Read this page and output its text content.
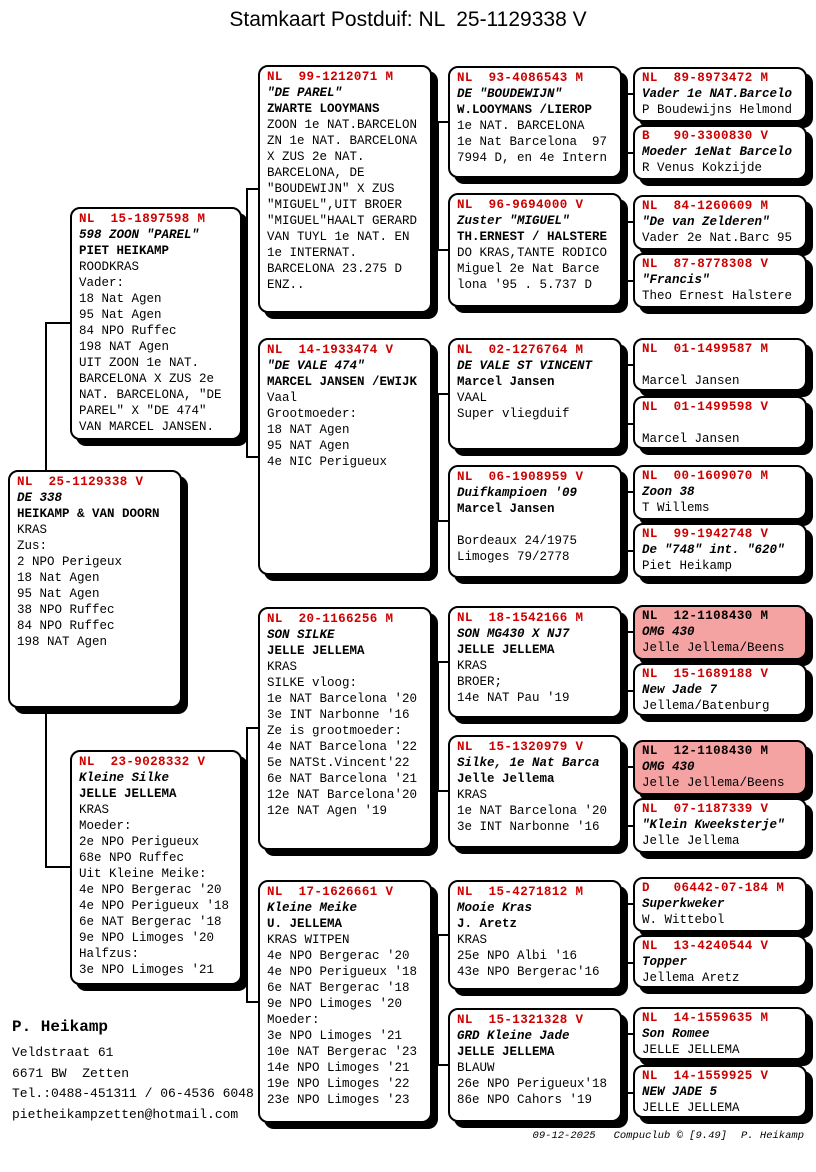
Stamkaart Postduif: NL  25-1129338 V
NL  25-1129338 V
DE 338
HEIKAMP & VAN DOORN
KRAS
Zus:
2 NPO Perigeux
18 Nat Agen
95 Nat Agen
38 NPO Ruffec
84 NPO Ruffec
198 NAT Agen
NL  15-1897598 M
598 ZOON "PAREL"
PIET HEIKAMP
ROODKRAS
Vader:
18 Nat Agen
95 Nat Agen
84 NPO Ruffec
198 NAT Agen
UIT ZOON 1e NAT.
BARCELONA X ZUS 2e
NAT. BARCELONA, "DE
PAREL" X "DE 474"
VAN MARCEL JANSEN.
NL  23-9028332 V
Kleine Silke
JELLE JELLEMA
KRAS
Moeder:
2e NPO Perigueux
68e NPO Ruffec
Uit Kleine Meike:
4e NPO Bergerac '20
4e NPO Perigueux '18
6e NAT Bergerac '18
9e NPO Limoges '20
Halfzus:
3e NPO Limoges '21
NL  99-1212071 M
"DE PAREL"
ZWARTE LOOYMANS
ZOON 1e NAT.BARCELON
ZN 1e NAT. BARCELONA
X ZUS 2e NAT.
BARCELONA, DE
"BOUDEWIJN" X ZUS
"MIGUEL",UIT BROER
"MIGUEL"HAALT GERARD
VAN TUYL 1e NAT. EN
1e INTERNAT.
BARCELONA 23.275 D
ENZ..
NL  14-1933474 V
"DE VALE 474"
MARCEL JANSEN /EWIJK
Vaal
Grootmoeder:
18 NAT Agen
95 NAT Agen
4e NIC Perigueux
NL  20-1166256 M
SON SILKE
JELLE JELLEMA
KRAS
SILKE vloog:
1e NAT Barcelona '20
3e INT Narbonne '16
Ze is grootmoeder:
4e NAT Barcelona '22
5e NATSt.Vincent'22
6e NAT Barcelona '21
12e NAT Barcelona'20
12e NAT Agen '19
NL  17-1626661 V
Kleine Meike
U. JELLEMA
KRAS WITPEN
4e NPO Bergerac '20
4e NPO Perigueux '18
6e NAT Bergerac '18
9e NPO Limoges '20
Moeder:
3e NPO Limoges '21
10e NAT Bergerac '23
14e NPO Limoges '21
19e NPO Limoges '22
23e NPO Limoges '23
NL  93-4086543 M
DE "BOUDEWIJN"
W.LOOYMANS /LIEROP
1e NAT. BARCELONA
1e Nat Barcelona  97
7994 D, en 4e Intern
NL  96-9694000 V
Zuster "MIGUEL"
TH.ERNEST / HALSTERE
DO KRAS,TANTE RODICO
Miguel 2e Nat Barce
lona '95 . 5.737 D
NL  02-1276764 M
DE VALE ST VINCENT
Marcel Jansen
VAAL
Super vliegduif
NL  06-1908959 V
Duifkampioen '09
Marcel Jansen

Bordeaux 24/1975
Limoges 79/2778
NL  18-1542166 M
SON MG430 X NJ7
JELLE JELLEMA
KRAS
BROER;
14e NAT Pau '19
NL  15-1320979 V
Silke, 1e Nat Barca
Jelle Jellema
KRAS
1e NAT Barcelona '20
3e INT Narbonne '16
NL  15-4271812 M
Mooie Kras
J. Aretz
KRAS
25e NPO Albi '16
43e NPO Bergerac'16
NL  15-1321328 V
GRD Kleine Jade
JELLE JELLEMA
BLAUW
26e NPO Perigueux'18
86e NPO Cahors '19
NL  89-8973472 M
Vader 1e NAT.Barcelo
P Boudewijns Helmond
B   90-3300830 V
Moeder 1eNat Barcelo
R Venus Kokzijde
NL  84-1260609 M
"De van Zelderen"
Vader 2e Nat.Barc 95
NL  87-8778308 V
"Francis"
Theo Ernest Halstere
NL  01-1499587 M
Marcel Jansen
NL  01-1499598 V
Marcel Jansen
NL  00-1609070 M
Zoon 38
T Willems
NL  99-1942748 V
De "748" int. "620"
Piet Heikamp
NL  12-1108430 M
OMG 430
Jelle Jellema/Beens
NL  15-1689188 V
New Jade 7
Jellema/Batenburg
NL  12-1108430 M
OMG 430
Jelle Jellema/Beens
NL  07-1187339 V
"Klein Kweeksterje"
Jelle Jellema
D   06442-07-184 M
Superkweker
W. Wittebol
NL  13-4240544 V
Topper
Jellema Aretz
NL  14-1559635 M
Son Romee
JELLE JELLEMA
NL  14-1559925 V
NEW JADE 5
JELLE JELLEMA
P. Heikamp
Veldstraat 61
6671 BW  Zetten
Tel.:0488-451311 / 06-4536 6048
pietheikampzetten@hotmail.com
09-12-2025 Compuclub © [9.49] P. Heikamp
